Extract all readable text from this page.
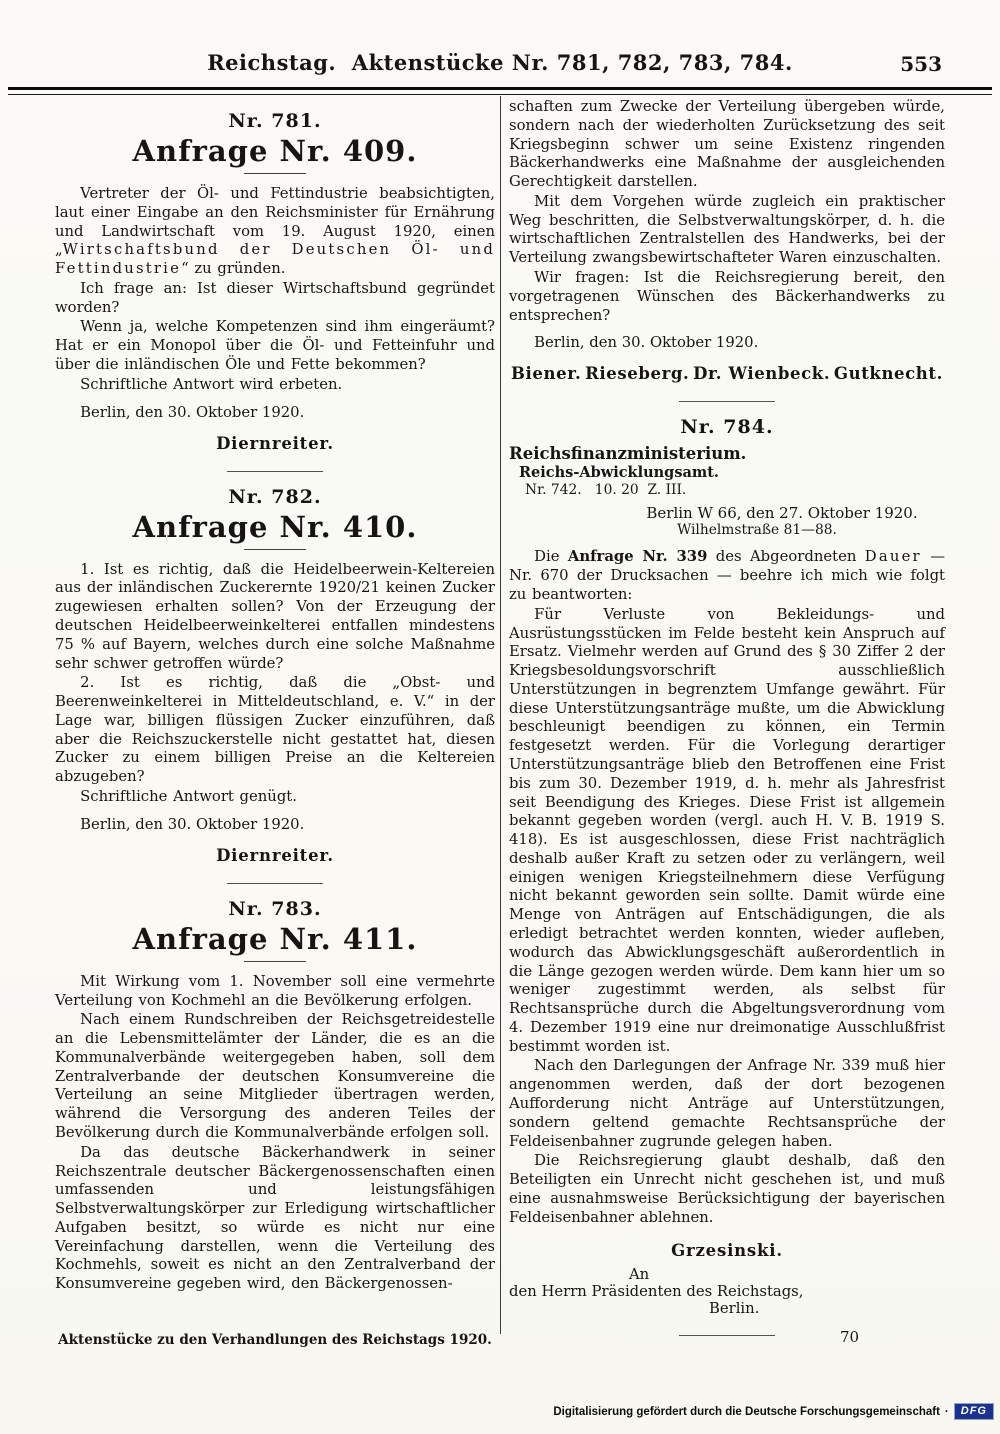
Reichstag.  Aktenstücke Nr. 781, 782, 783, 784.	553
Nr. 781.
Anfrage Nr. 409.

Vertreter der Öl- und Fettindustrie beabsichtigten, laut einer Eingabe an den Reichsminister für Ernährung und Landwirtschaft vom 19. August 1920, einen „Wirtschaftsbund der Deutschen Öl- und Fettindustrie“ zu gründen.

Ich frage an: Ist dieser Wirtschaftsbund gegründet worden?

Wenn ja, welche Kompetenzen sind ihm eingeräumt? Hat er ein Monopol über die Öl- und Fetteinfuhr und über die inländischen Öle und Fette bekommen?

Schriftliche Antwort wird erbeten.

Berlin, den 30. Oktober 1920.
Diernreiter.
Nr. 782.
Anfrage Nr. 410.

1. Ist es richtig, daß die Heidelbeerwein-Keltereien aus der inländischen Zuckerernte 1920/21 keinen Zucker zugewiesen erhalten sollen? Von der Erzeugung der deutschen Heidelbeerweinkelterei entfallen mindestens 75 % auf Bayern, welches durch eine solche Maßnahme sehr schwer getroffen würde?

2. Ist es richtig, daß die „Obst- und Beerenweinkelterei in Mitteldeutschland, e. V.“ in der Lage war, billigen flüssigen Zucker einzuführen, daß aber die Reichszuckerstelle nicht gestattet hat, diesen Zucker zu einem billigen Preise an die Keltereien abzugeben?

Schriftliche Antwort genügt.

Berlin, den 30. Oktober 1920.
Diernreiter.
Nr. 783.
Anfrage Nr. 411.

Mit Wirkung vom 1. November soll eine vermehrte Verteilung von Kochmehl an die Bevölkerung erfolgen.

Nach einem Rundschreiben der Reichsgetreidestelle an die Lebensmittelämter der Länder, die es an die Kommunalverbände weitergegeben haben, soll dem Zentralverbande der deutschen Konsumvereine die Verteilung an seine Mitglieder übertragen werden, während die Versorgung des anderen Teiles der Bevölkerung durch die Kommunalverbände erfolgen soll.

Da das deutsche Bäckerhandwerk in seiner Reichszentrale deutscher Bäckergenossenschaften einen umfassenden und leistungsfähigen Selbstverwaltungskörper zur Erledigung wirtschaftlicher Aufgaben besitzt, so würde es nicht nur eine Vereinfachung darstellen, wenn die Verteilung des Kochmehls, soweit es nicht an den Zentralverband der Konsumvereine gegeben wird, den Bäckergenossen-

Aktenstücke zu den Verhandlungen des Reichstags 1920.

schaften zum Zwecke der Verteilung übergeben würde, sondern nach der wiederholten Zurücksetzung des seit Kriegsbeginn schwer um seine Existenz ringenden Bäckerhandwerks eine Maßnahme der ausgleichenden Gerechtigkeit darstellen.

Mit dem Vorgehen würde zugleich ein praktischer Weg beschritten, die Selbstverwaltungskörper, d. h. die wirtschaftlichen Zentralstellen des Handwerks, bei der Verteilung zwangsbewirtschafteter Waren einzuschalten.

Wir fragen: Ist die Reichsregierung bereit, den vorgetragenen Wünschen des Bäckerhandwerks zu entsprechen?

Berlin, den 30. Oktober 1920.
Biener. Rieseberg. Dr. Wienbeck. Gutknecht.
Nr. 784.
Reichsfinanzministerium.
Reichs-Abwicklungsamt.
Nr. 742.   10. 20  Z. III.
Berlin W 66, den 27. Oktober 1920.
Wilhelmstraße 81—88.

Die Anfrage Nr. 339 des Abgeordneten Dauer — Nr. 670 der Drucksachen — beehre ich mich wie folgt zu beantworten:

Für Verluste von Bekleidungs- und Ausrüstungsstücken im Felde besteht kein Anspruch auf Ersatz. Vielmehr werden auf Grund des § 30 Ziffer 2 der Kriegsbesoldungsvorschrift ausschließlich Unterstützungen in begrenztem Umfange gewährt. Für diese Unterstützungsanträge mußte, um die Abwicklung beschleunigt beendigen zu können, ein Termin festgesetzt werden. Für die Vorlegung derartiger Unterstützungsanträge blieb den Betroffenen eine Frist bis zum 30. Dezember 1919, d. h. mehr als Jahresfrist seit Beendigung des Krieges. Diese Frist ist allgemein bekannt gegeben worden (vergl. auch H. V. B. 1919 S. 418). Es ist ausgeschlossen, diese Frist nachträglich deshalb außer Kraft zu setzen oder zu verlängern, weil einigen wenigen Kriegsteilnehmern diese Verfügung nicht bekannt geworden sein sollte. Damit würde eine Menge von Anträgen auf Entschädigungen, die als erledigt betrachtet werden konnten, wieder aufleben, wodurch das Abwicklungsgeschäft außerordentlich in die Länge gezogen werden würde. Dem kann hier um so weniger zugestimmt werden, als selbst für Rechtsansprüche durch die Abgeltungsverordnung vom 4. Dezember 1919 eine nur dreimonatige Ausschlußfrist bestimmt worden ist.

Nach den Darlegungen der Anfrage Nr. 339 muß hier angenommen werden, daß der dort bezogenen Aufforderung nicht Anträge auf Unterstützungen, sondern geltend gemachte Rechtsansprüche der Feldeisenbahner zugrunde gelegen haben.

Die Reichsregierung glaubt deshalb, daß den Beteiligten ein Unrecht nicht geschehen ist, und muß eine ausnahmsweise Berücksichtigung der bayerischen Feldeisenbahner ablehnen.

Grzesinski.
An
den Herrn Präsidenten des Reichstags,
Berlin.
70
Digitalisierung gefördert durch die Deutsche Forschungsgemeinschaft ·	DFG
